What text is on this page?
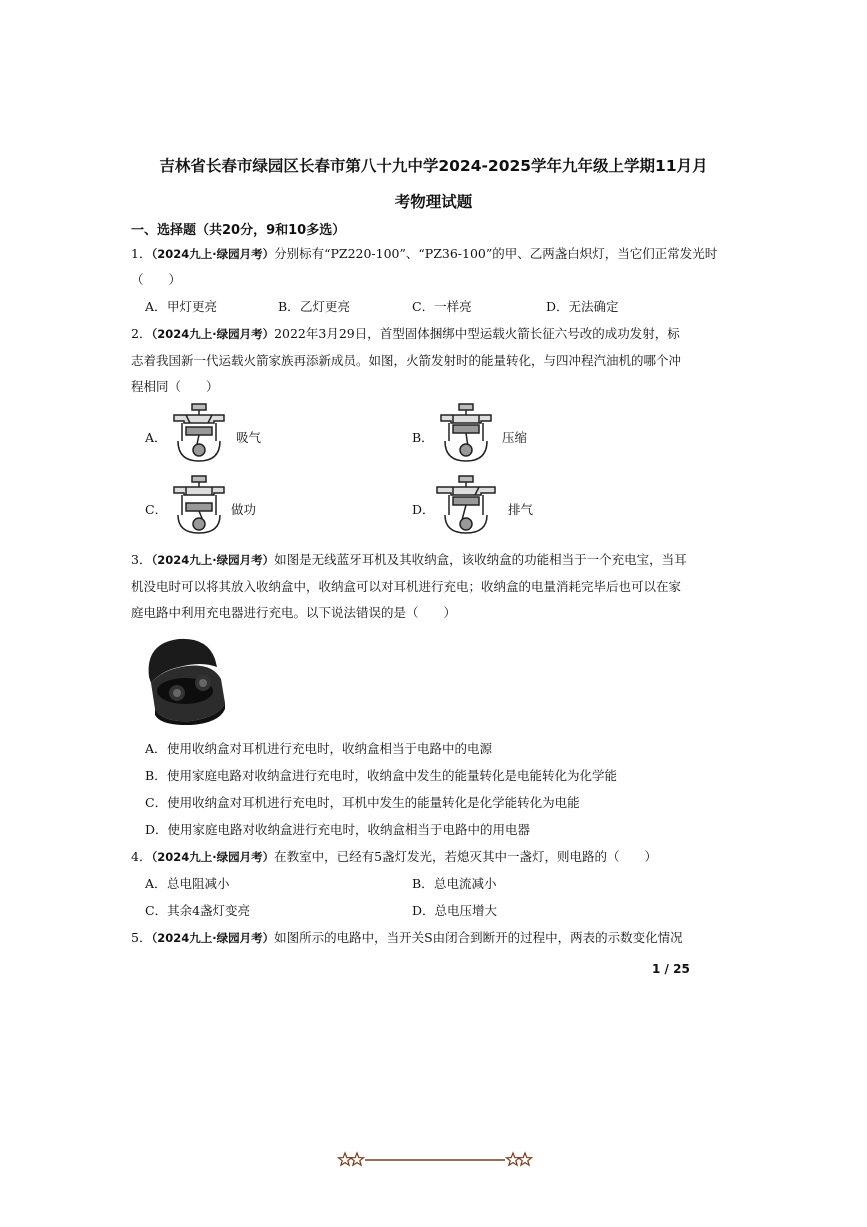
吉林省长春市绿园区长春市第八十九中学2024-2025学年九年级上学期11月月
考物理试题
一、选择题（共20分，9和10多选）
1．（2024九上·绿园月考）分别标有“PZ220-100”、“PZ36-100”的甲、乙两盏白炽灯，当它们正常发光时
（　　）
A．甲灯更亮	B．乙灯更亮	C．一样亮	D．无法确定
2．（2024九上·绿园月考）2022年3月29日，首型固体捆绑中型运载火箭长征六号改的成功发射，标
志着我国新一代运载火箭家族再添新成员。如图，火箭发射时的能量转化，与四冲程汽油机的哪个冲
程相同（　　）
A．	吸气	B．	压缩
C．	做功	D．	排气
3．（2024九上·绿园月考）如图是无线蓝牙耳机及其收纳盒，该收纳盒的功能相当于一个充电宝，当耳
机没电时可以将其放入收纳盒中，收纳盒可以对耳机进行充电；收纳盒的电量消耗完毕后也可以在家
庭电路中利用充电器进行充电。以下说法错误的是（　　）
A．使用收纳盒对耳机进行充电时，收纳盒相当于电路中的电源
B．使用家庭电路对收纳盒进行充电时，收纳盒中发生的能量转化是电能转化为化学能
C．使用收纳盒对耳机进行充电时，耳机中发生的能量转化是化学能转化为电能
D．使用家庭电路对收纳盒进行充电时，收纳盒相当于电路中的用电器
4．（2024九上·绿园月考）在教室中，已经有5盏灯发光，若熄灭其中一盏灯，则电路的（　　）
A．总电阻减小	B．总电流减小
C．其余4盏灯变亮	D．总电压增大
5．（2024九上·绿园月考）如图所示的电路中，当开关S由闭合到断开的过程中，两表的示数变化情况
1 / 25
